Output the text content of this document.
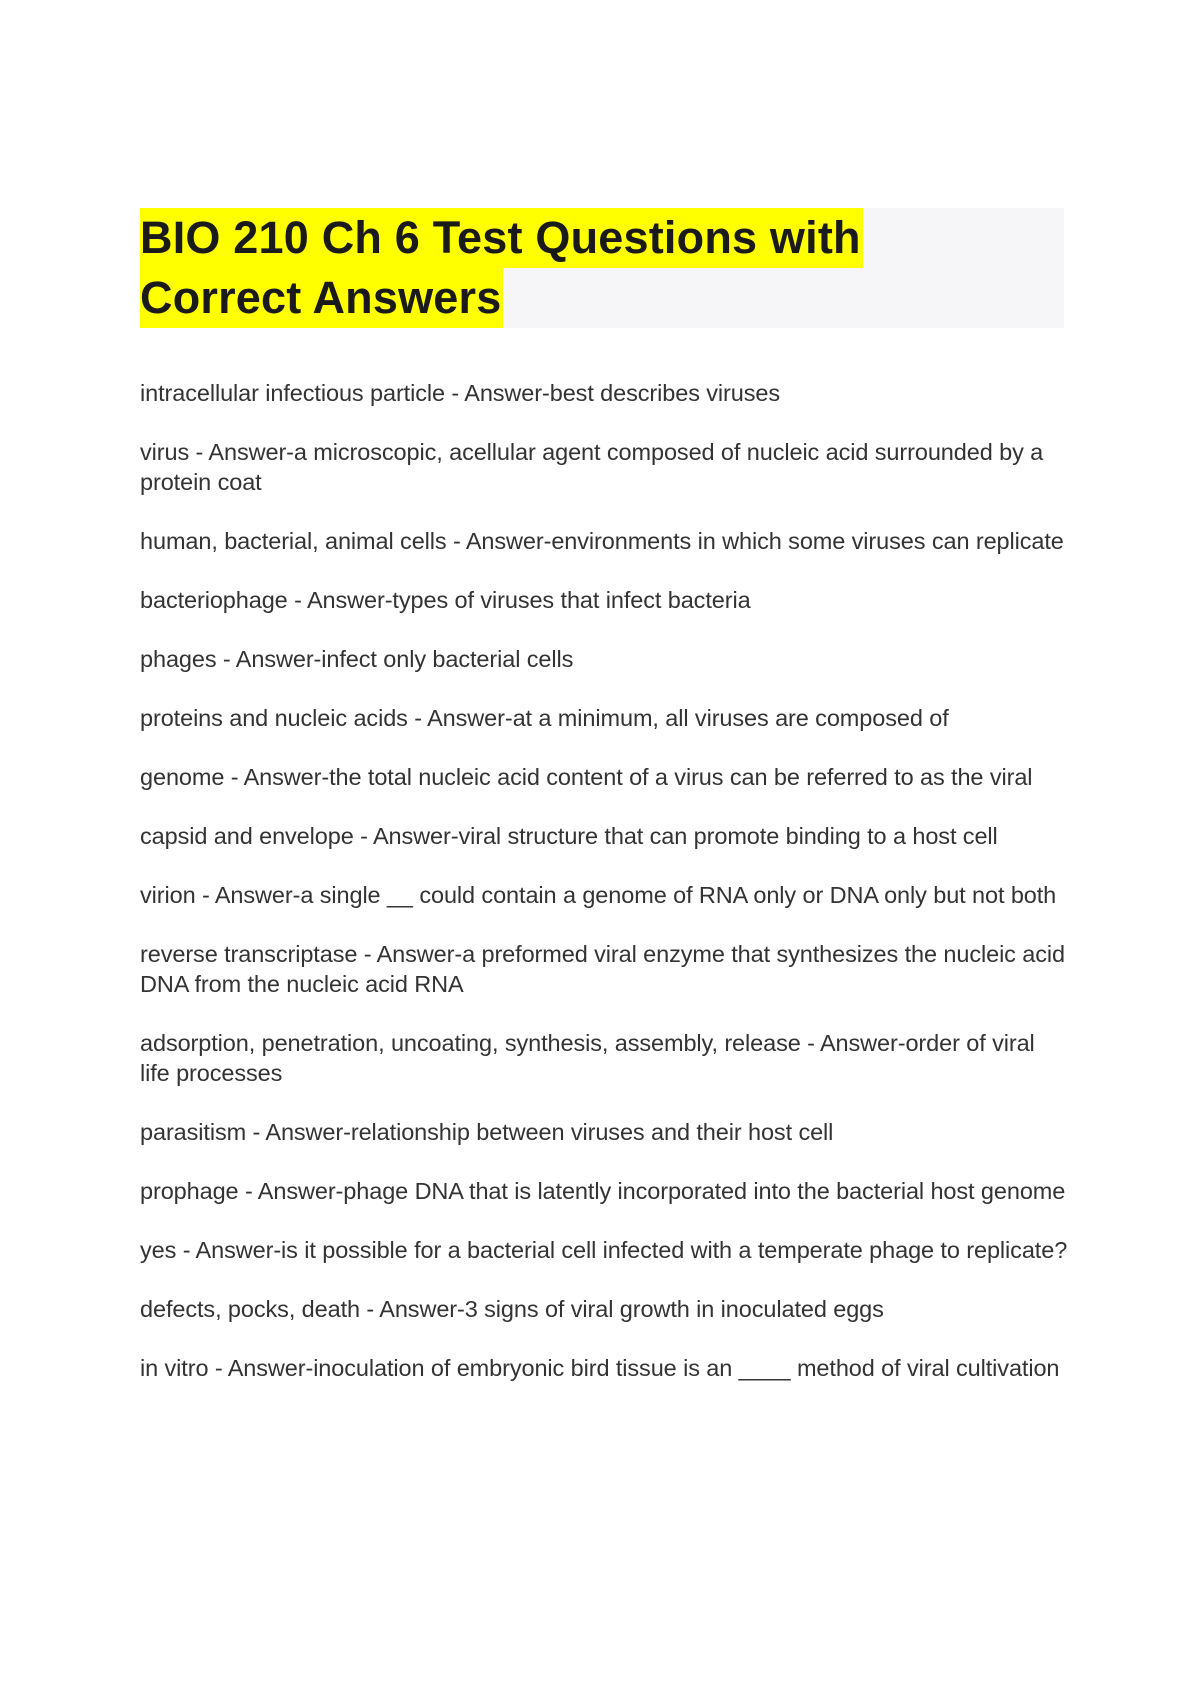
BIO 210 Ch 6 Test Questions with
Correct Answers
intracellular infectious particle - Answer-best describes viruses
virus - Answer-a microscopic, acellular agent composed of nucleic acid surrounded by a protein coat
human, bacterial, animal cells - Answer-environments in which some viruses can replicate
bacteriophage - Answer-types of viruses that infect bacteria
phages - Answer-infect only bacterial cells
proteins and nucleic acids - Answer-at a minimum, all viruses are composed of
genome - Answer-the total nucleic acid content of a virus can be referred to as the viral
capsid and envelope - Answer-viral structure that can promote binding to a host cell
virion - Answer-a single __ could contain a genome of RNA only or DNA only but not both
reverse transcriptase - Answer-a preformed viral enzyme that synthesizes the nucleic acid DNA from the nucleic acid RNA
adsorption, penetration, uncoating, synthesis, assembly, release - Answer-order of viral life processes
parasitism - Answer-relationship between viruses and their host cell
prophage - Answer-phage DNA that is latently incorporated into the bacterial host genome
yes - Answer-is it possible for a bacterial cell infected with a temperate phage to replicate?
defects, pocks, death - Answer-3 signs of viral growth in inoculated eggs
in vitro - Answer-inoculation of embryonic bird tissue is an ____ method of viral cultivation
